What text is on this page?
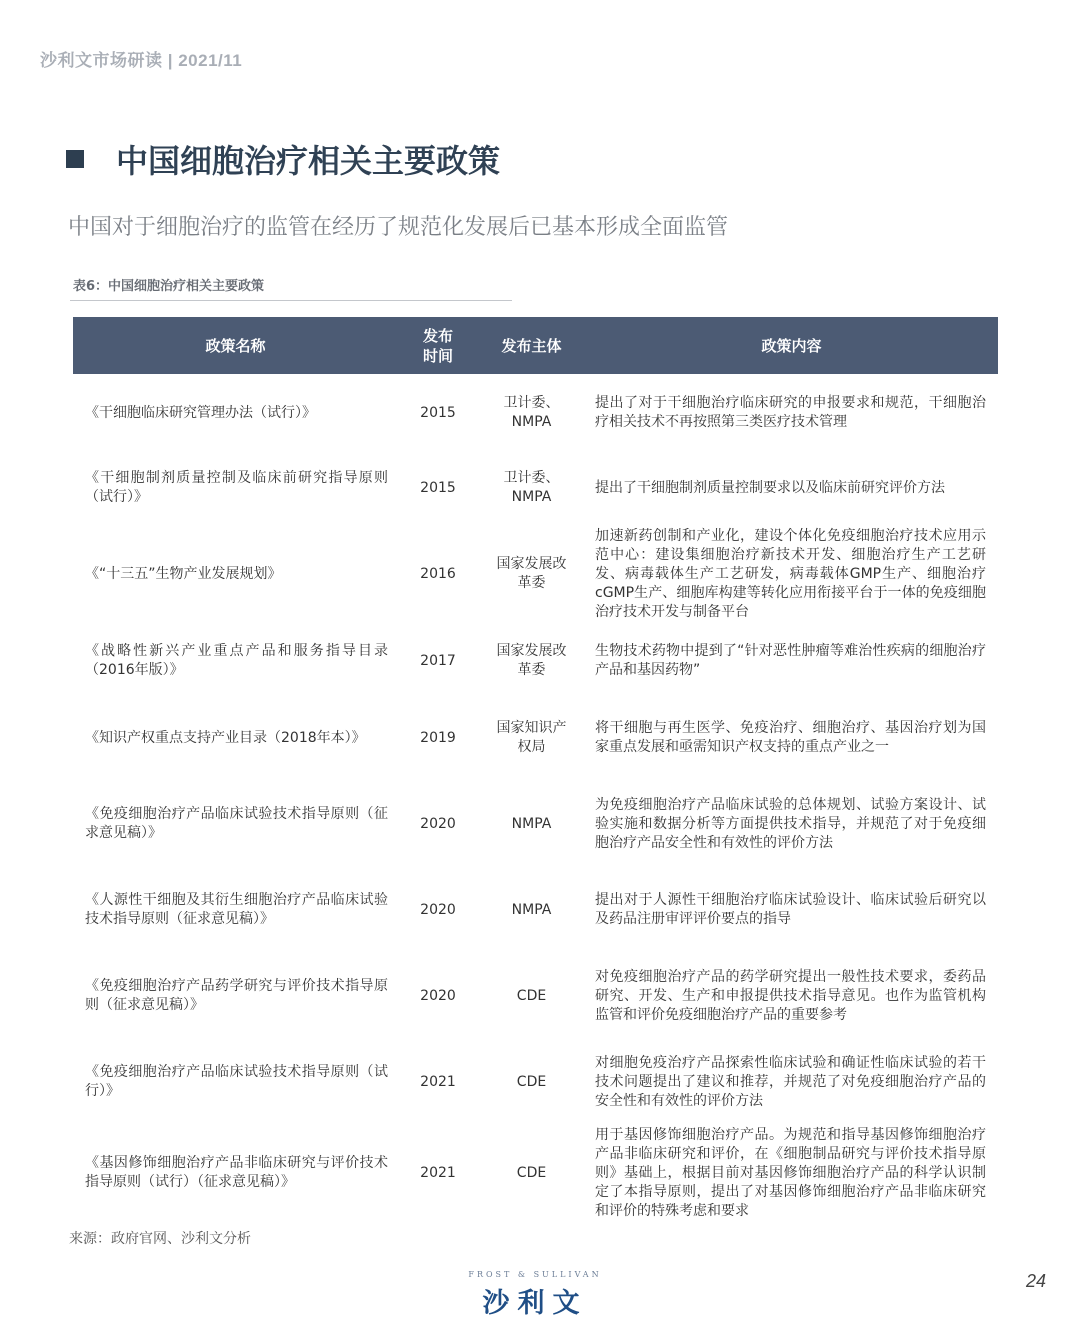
沙利文市场研读 | 2021/11
中国细胞治疗相关主要政策
中国对于细胞治疗的监管在经历了规范化发展后已基本形成全面监管
表6：中国细胞治疗相关主要政策
政策名称	发布时间	发布主体	政策内容
《干细胞临床研究管理办法（试行）》	2015	卫计委、NMPA	提出了对于干细胞治疗临床研究的申报要求和规范，干细胞治疗相关技术不再按照第三类医疗技术管理
《干细胞制剂质量控制及临床前研究指导原则（试行）》	2015	卫计委、NMPA	提出了干细胞制剂质量控制要求以及临床前研究评价方法
《“十三五”生物产业发展规划》	2016	国家发展改革委	加速新药创制和产业化，建设个体化免疫细胞治疗技术应用示范中心：建设集细胞治疗新技术开发、细胞治疗生产工艺研发、病毒载体生产工艺研发，病毒载体GMP生产、细胞治疗cGMP生产、细胞库构建等转化应用衔接平台于一体的免疫细胞治疗技术开发与制备平台
《战略性新兴产业重点产品和服务指导目录（2016年版）》	2017	国家发展改革委	生物技术药物中提到了“针对恶性肿瘤等难治性疾病的细胞治疗产品和基因药物”
《知识产权重点支持产业目录（2018年本）》	2019	国家知识产权局	将干细胞与再生医学、免疫治疗、细胞治疗、基因治疗划为国家重点发展和亟需知识产权支持的重点产业之一
《免疫细胞治疗产品临床试验技术指导原则（征求意见稿）》	2020	NMPA	为免疫细胞治疗产品临床试验的总体规划、试验方案设计、试验实施和数据分析等方面提供技术指导，并规范了对于免疫细胞治疗产品安全性和有效性的评价方法
《人源性干细胞及其衍生细胞治疗产品临床试验技术指导原则（征求意见稿）》	2020	NMPA	提出对于人源性干细胞治疗临床试验设计、临床试验后研究以及药品注册审评评价要点的指导
《免疫细胞治疗产品药学研究与评价技术指导原则（征求意见稿）》	2020	CDE	对免疫细胞治疗产品的药学研究提出一般性技术要求，委药品研究、开发、生产和申报提供技术指导意见。也作为监管机构监管和评价免疫细胞治疗产品的重要参考
《免疫细胞治疗产品临床试验技术指导原则（试行）》	2021	CDE	对细胞免疫治疗产品探索性临床试验和确证性临床试验的若干技术问题提出了建议和推荐，并规范了对免疫细胞治疗产品的安全性和有效性的评价方法
《基因修饰细胞治疗产品非临床研究与评价技术指导原则（试行）（征求意见稿）》	2021	CDE	用于基因修饰细胞治疗产品。为规范和指导基因修饰细胞治疗产品非临床研究和评价，在《细胞制品研究与评价技术指导原则》基础上，根据目前对基因修饰细胞治疗产品的科学认识制定了本指导原则，提出了对基因修饰细胞治疗产品非临床研究和评价的特殊考虑和要求
来源：政府官网、沙利文分析
FROST & SULLIVAN
沙利文
24
